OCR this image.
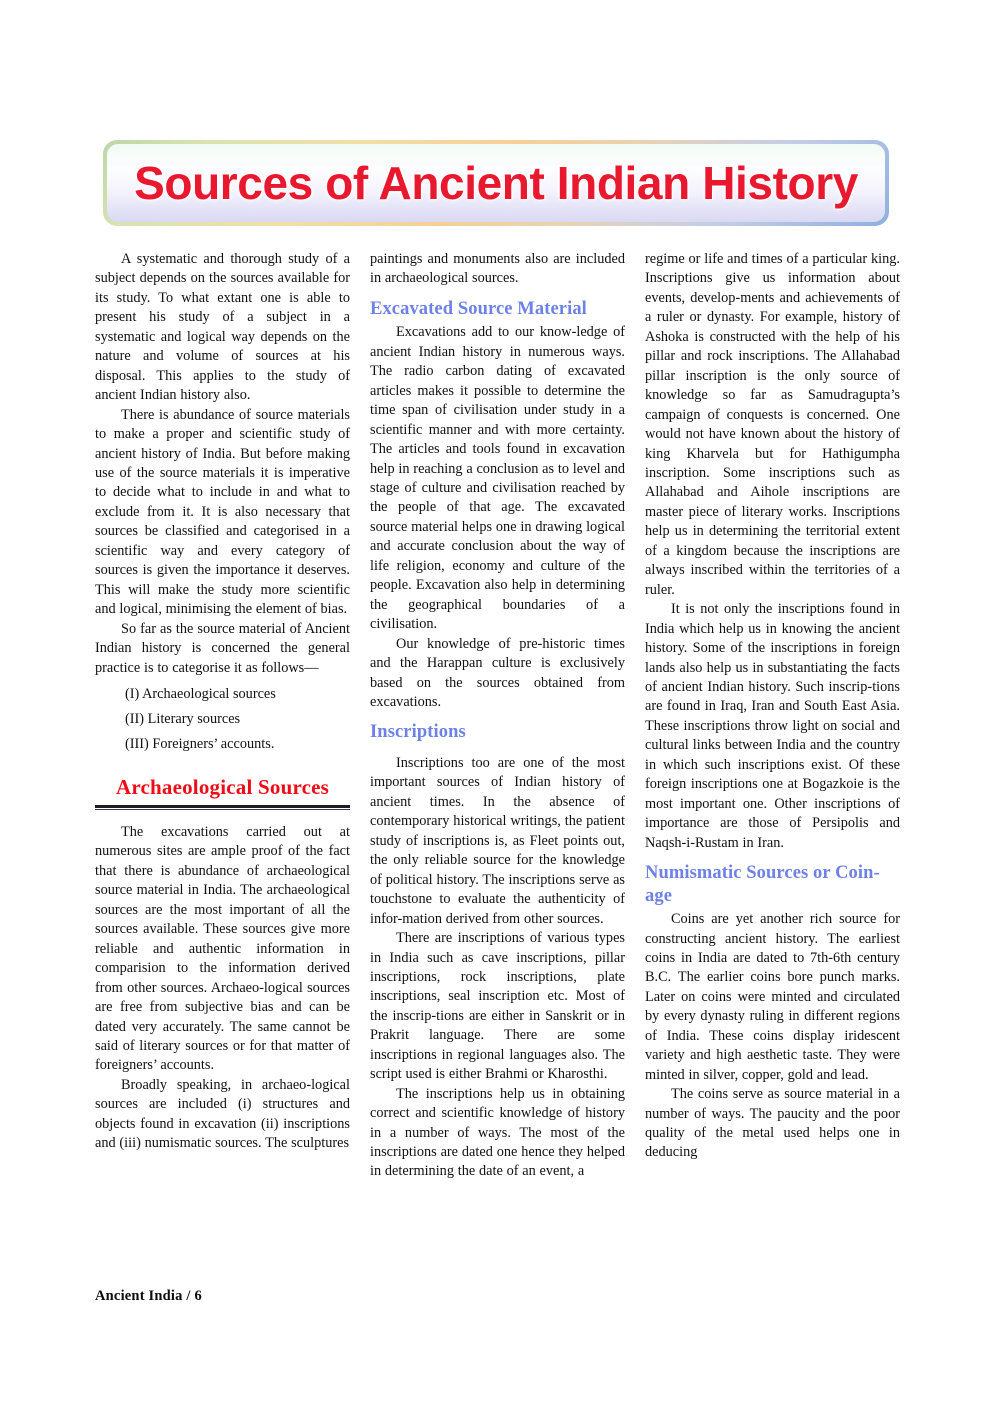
Sources of Ancient Indian History

A systematic and thorough study of a subject depends on the sources available for its study. To what extant one is able to present his study of a subject in a systematic and logical way depends on the nature and volume of sources at his disposal. This applies to the study of ancient Indian history also.

There is abundance of source materials to make a proper and scientific study of ancient history of India. But before making use of the source materials it is imperative to decide what to include in and what to exclude from it. It is also necessary that sources be classified and categorised in a scientific way and every category of sources is given the importance it deserves. This will make the study more scientific and logical, minimising the element of bias.

So far as the source material of Ancient Indian history is concerned the general practice is to categorise it as follows—

(I) Archaeological sources

(II) Literary sources

(III) Foreigners’ accounts.

Archaeological Sources

The excavations carried out at numerous sites are ample proof of the fact that there is abundance of archaeological source material in India. The archaeological sources are the most important of all the sources available. These sources give more reliable and authentic information in comparision to the information derived from other sources. Archaeo-logical sources are free from subjective bias and can be dated very accurately. The same cannot be said of literary sources or for that matter of foreigners’ accounts.

Broadly speaking, in archaeo-logical sources are included (i) structures and objects found in excavation (ii) inscriptions and (iii) numismatic sources. The sculptures

paintings and monuments also are included in archaeological sources.

Excavated Source Material

Excavations add to our know-ledge of ancient Indian history in numerous ways. The radio carbon dating of excavated articles makes it possible to determine the time span of civilisation under study in a scientific manner and with more certainty. The articles and tools found in excavation help in reaching a conclusion as to level and stage of culture and civilisation reached by the people of that age. The excavated source material helps one in drawing logical and accurate conclusion about the way of life religion, economy and culture of the people. Excavation also help in determining the geographical boundaries of a civilisation.

Our knowledge of pre-historic times and the Harappan culture is exclusively based on the sources obtained from excavations.

Inscriptions

Inscriptions too are one of the most important sources of Indian history of ancient times. In the absence of contemporary historical writings, the patient study of inscriptions is, as Fleet points out, the only reliable source for the knowledge of political history. The inscriptions serve as touchstone to evaluate the authenticity of infor-mation derived from other sources.

There are inscriptions of various types in India such as cave inscriptions, pillar inscriptions, rock inscriptions, plate inscriptions, seal inscription etc. Most of the inscrip-tions are either in Sanskrit or in Prakrit language. There are some inscriptions in regional languages also. The script used is either Brahmi or Kharosthi.

The inscriptions help us in obtaining correct and scientific knowledge of history in a number of ways. The most of the inscriptions are dated one hence they helped in determining the date of an event, a

regime or life and times of a particular king. Inscriptions give us information about events, develop-ments and achievements of a ruler or dynasty. For example, history of Ashoka is constructed with the help of his pillar and rock inscriptions. The Allahabad pillar inscription is the only source of knowledge so far as Samudragupta’s campaign of conquests is concerned. One would not have known about the history of king Kharvela but for Hathigumpha inscription. Some inscriptions such as Allahabad and Aihole inscriptions are master piece of literary works. Inscriptions help us in determining the territorial extent of a kingdom because the inscriptions are always inscribed within the territories of a ruler.

It is not only the inscriptions found in India which help us in knowing the ancient history. Some of the inscriptions in foreign lands also help us in substantiating the facts of ancient Indian history. Such inscrip-tions are found in Iraq, Iran and South East Asia. These inscriptions throw light on social and cultural links between India and the country in which such inscriptions exist. Of these foreign inscriptions one at Bogazkoie is the most important one. Other inscriptions of importance are those of Persipolis and Naqsh-i-Rustam in Iran.

Numismatic Sources or Coin-age

Coins are yet another rich source for constructing ancient history. The earliest coins in India are dated to 7th-6th century B.C. The earlier coins bore punch marks. Later on coins were minted and circulated by every dynasty ruling in different regions of India. These coins display iridescent variety and high aesthetic taste. They were minted in silver, copper, gold and lead.

The coins serve as source material in a number of ways. The paucity and the poor quality of the metal used helps one in deducing

Ancient India / 6
